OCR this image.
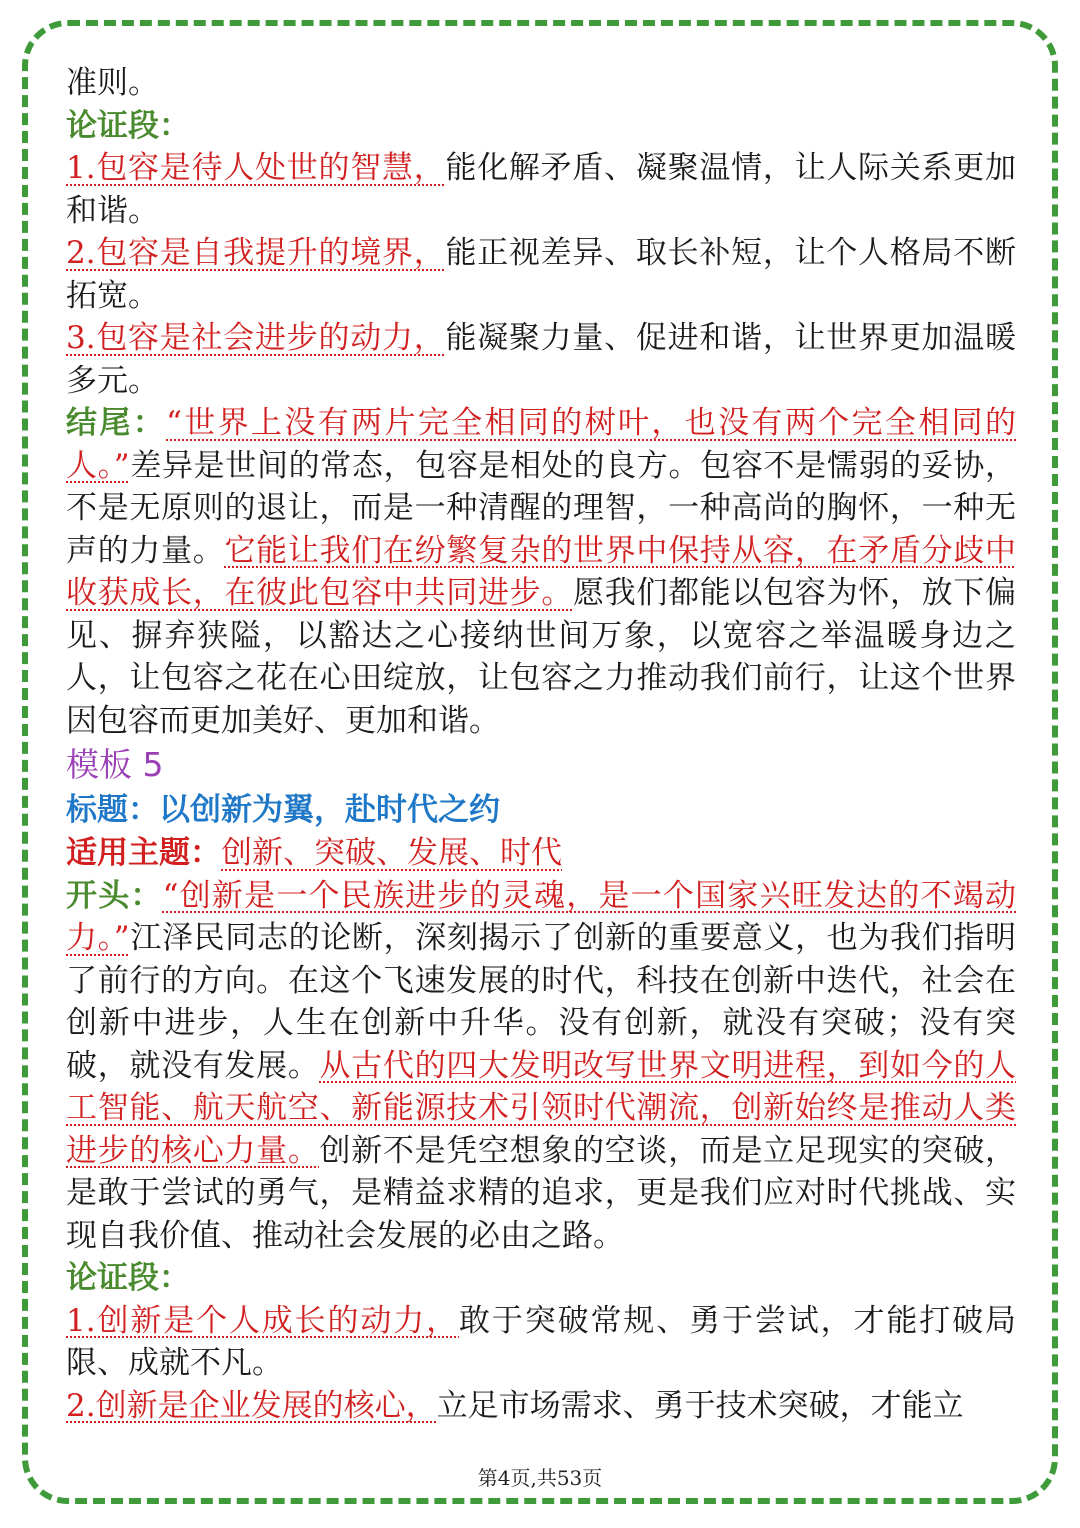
准则。

论证段：

1.包容是待人处世的智慧，能化解矛盾、凝聚温情，让人际关系更加和谐。

2.包容是自我提升的境界，能正视差异、取长补短，让个人格局不断拓宽。

3.包容是社会进步的动力，能凝聚力量、促进和谐，让世界更加温暖多元。

结尾：“世界上没有两片完全相同的树叶，也没有两个完全相同的人。”差异是世间的常态，包容是相处的良方。包容不是懦弱的妥协，不是无原则的退让，而是一种清醒的理智，一种高尚的胸怀，一种无声的力量。它能让我们在纷繁复杂的世界中保持从容，在矛盾分歧中收获成长，在彼此包容中共同进步。愿我们都能以包容为怀，放下偏见、摒弃狭隘，以豁达之心接纳世间万象，以宽容之举温暖身边之人，让包容之花在心田绽放，让包容之力推动我们前行，让这个世界因包容而更加美好、更加和谐。

模板 5

标题：以创新为翼，赴时代之约

适用主题：创新、突破、发展、时代

开头：“创新是一个民族进步的灵魂，是一个国家兴旺发达的不竭动力。”江泽民同志的论断，深刻揭示了创新的重要意义，也为我们指明了前行的方向。在这个飞速发展的时代，科技在创新中迭代，社会在创新中进步，人生在创新中升华。没有创新，就没有突破；没有突破，就没有发展。从古代的四大发明改写世界文明进程，到如今的人工智能、航天航空、新能源技术引领时代潮流，创新始终是推动人类进步的核心力量。创新不是凭空想象的空谈，而是立足现实的突破，是敢于尝试的勇气，是精益求精的追求，更是我们应对时代挑战、实现自我价值、推动社会发展的必由之路。

论证段：

1.创新是个人成长的动力，敢于突破常规、勇于尝试，才能打破局限、成就不凡。

2.创新是企业发展的核心，立足市场需求、勇于技术突破，才能立

第4页,共53页
